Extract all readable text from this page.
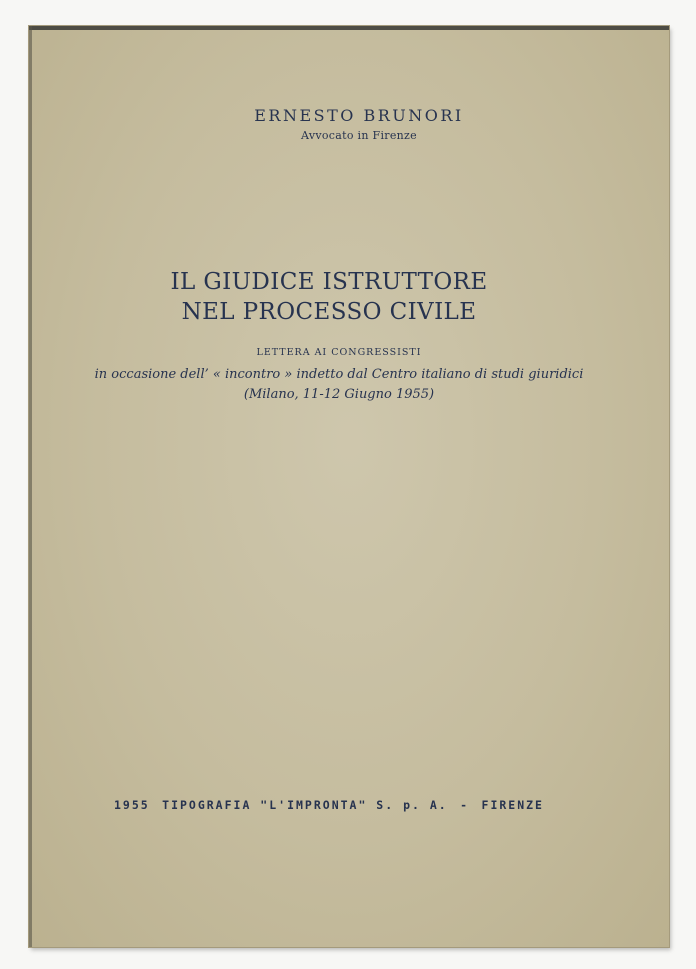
ERNESTO BRUNORI
Avvocato in Firenze
IL GIUDICE ISTRUTTORE
NEL PROCESSO CIVILE
LETTERA AI CONGRESSISTI
in occasione dell’ « incontro » indetto dal Centro italiano di studi giuridici
(Milano, 11-12 Giugno 1955)
1955 TIPOGRAFIA "L'IMPRONTA" S. p. A. - FIRENZE
